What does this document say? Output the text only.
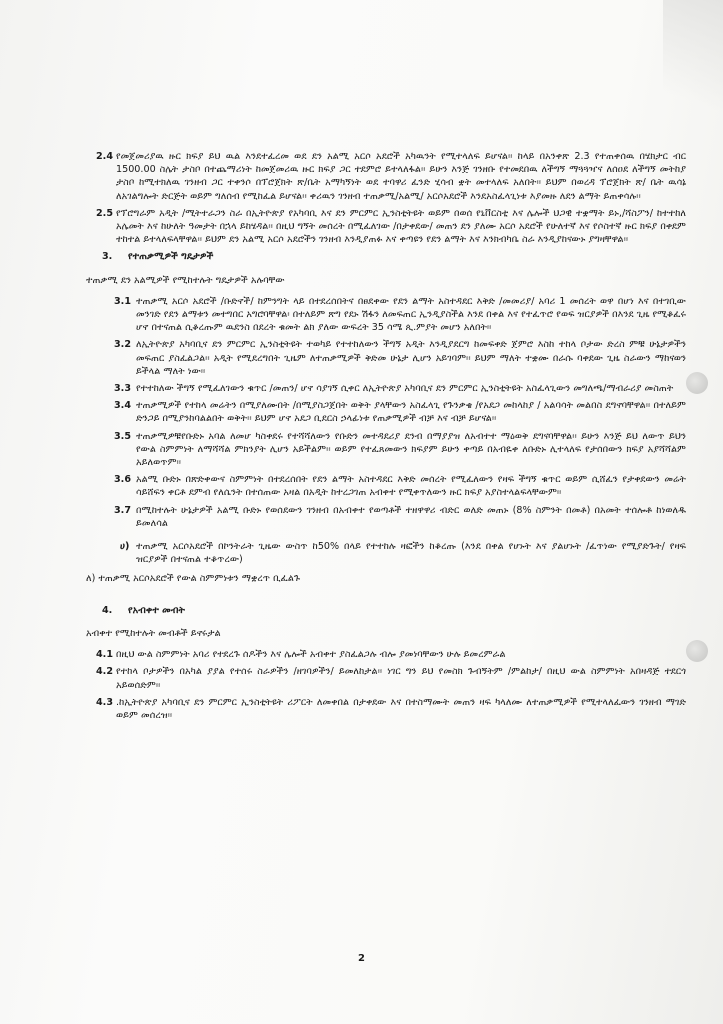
2.4 የመጀመሪያዉ ዙር ክፍያ ይህ ዉል እንደተፈረመ ወደ ደን አልሚ አርሶ አደሮች አካዉንት የሚተላለፍ ይሆናል፡፡ ከላይ በአንቀጽ 2.3 የተጠቀሰዉ በሄክታር ብር 1500.00 ስሌት ታስቦ በተጨማሪነት ከመጀመሪዉ ዙር ክፍያ ጋር ተደምሮ ይተላለፋል፡፡ ይሁን እንጅ ገንዘቡ የተመደበዉ ለችግኝ ማጓጓዣና ለሰዐደ ለችግኝ መትከያ ታስቦ ከሚተክለዉ ገንዘብ ጋር ተቀንሶ በፕሮጀክት ጽ/ቤት አማካኝነት ወደ ተባዋሪ ፈንድ ሂሳብ ቋት መተላለፍ አለበት፡፡ ይህም በወረዳ ፕሮጀክት ጽ/ ቤት ዉሳኔ ለአገልግሎት ድርጅት ወይም ግለሰብ የሚከፈል ይሆናል፡፡ ቀሪዉን ገንዘብ ተጠቃሚ/አልሚ/ አርሶአደሮች እንደአስፈላጊነቱ እያመዙ ለደን ልማት ይጠቀሳሉ፡፡
2.5 የፕሮግራም አዲት /ሚትተራጋን ስራ በኢትዮጵያ የአካባቢ እና ደን ምርምር ኢንስቲትዩት ወይም በወሰ የኒቨርስቲ እና ሌሎች ህጋዊ ተቋማት ይኑ,/ሻስፖን/ ከተተከለ አሌመት እና ከሁለት ዓመታት በኋላ ይከሄዳል፡፡ በዚህ ግኝት መሰረት በሚፈለገው /በታቀደው/ መጠን ደን ያለሙ አርሶ አደሮች የሁለተኛ እና የሶስተኛ ዙር ክፍያ በቀደም ተከተል ይተላለፍላቸዋል፡፡ ይህም ደን አልሚ አርሶ አደሮችን ገንዘብ እንዲያጠፉ እና ቀጣዩን የደን ልማት እና እንክብካቤ ስራ እንዲያከናውኑ ያግዛቸዋል፡፡
3.	የተጠቃሚዎች ግዴታዎች
ተጠቃሚ ደን አልሚዎች የሚከተሉት ግዴታዎች አሉባቸው
3.1 ተጠቃሚ አርሶ አደሮች /ቡድኖች/ ከምንግት ላይ በተደረሰበትና በፀደቀው የደን ልማት አስተዳደር እቅድ /መመሪያ/ አባሪ 1 መሰረት ወዋ በሆነ እና በተገቢው መንገድ የደን ልማቱን መተግበር አግሮባቸዋል፡ በተለይም ጽግ የደኑ ሽፋን ለመፍጠር ኢንዲያስችል እንደ በቀል እና የተፈጥሮ የወፍ ዝርያዎች በእንደ ጊዜ የሚቆፈሩ ሆኖ በተናጠል ሲቆረጡም ዉደንስ በደረት ቁመት ልክ ያለው ውፍረት 35 ሳሜ ጲ.ምያት መሆን አለበት፡፡
3.2 ለኢትዮጵያ አካባቢና ደን ምርምር ኢንስቲትዩት ተወካይ የተተከለውን ችግኝ አዲት እንዲያደርግ ከመፍቀድ ጀምሮ እስከ ተከላ ቦታው ድረስ ምቹ ሁኔታዎችን መፍጠር ያስፈልጋል፡፡ አዲት የሚደረግበት ጊዜም ለተጠቃሚዎች ቅድመ ሁኔታ ሊሆን አይገባም፡፡ ይህም ማለት ተቋሙ በራሱ ባቀደው ጊዜ ስራውን ማከናወን ይችላል ማለት ነው፡፡
3.3 የተተከለው ችግኝ የሚፈለገውን ቁጥር /መጠን/ ሆኖ ሳያገኝ ሲቀር ለኢትዮጵያ አካባቢና ደን ምርምር ኢንስቲትዩት አስፈላጊውን መግለጫ/ማብራሪያ መስጠት
3.4 ተጠቃሚዎች የተከላ መሬትን በሚያለሙበት /በሚያስጋጀበት ወቅት ያላቸውን አስፈላጊ የጉንቃቄ /የአደጋ መከላከያ / አልባሳት መልበስ ደግኖባቸዋል፡፡ በተለይም ድንጋይ በሚያንከባልልበት ወቅት፡፡ ይህም ሆኖ አደጋ ቢደርስ ኃላፊነቱ የጠቃሚዎች ብቻ እና ብቻ ይሆናል፡፡
3.5 ተጠቃሚዎቹየቡድኑ አባል ለመሆ ካስቀደሩ የተሻሻለውን የቡድን መተዳደሪያ ደንብ በማያያዝ ለአብተተ ማዕወቅ ደግናባቸዋል፡፡ ይሁን እንጅ ይህ ለውጥ ይህን የውል ስምምነት ለማሻሻል ምክንያት ሊሆን አይችልም፡፡ ወይም የተፈጸመውን ክፍያም ይሁን ቀጣይ በአብዬቀ ለቡድኑ ሊተላለፍ የታሰበውን ክፍያ አያሻሻልም አይለወጥም፡፡
3.6 አልሚ ቡድኑ በጽድቀውና ስምምነት በተደረሰበት የደን ልማት አስተዳደር እቅድ መሰረት የሚፈለውን የዛፍ ችግኝ ቁጥር ወይም ሲሸፈን የታቀደውን መሬት ሳይሸፍን ቀርቶ ደምብ የለሴንት በተሰጠው አዛል በአዲት ከተረጋገጠ አብቀተ የሚቀጥለውን ዙር ክፍያ አያስተላልፍላቸውም፡፡
3.7 በሚከተሉት ሁኔታዎች አልሚ ቡድኑ የወሰደውን ገንዘብ በአብቀተ የወጣቶች ተዘዋዋሪ ብድር ወለድ መጠኑ (8% ስምንት በመቶ) በአመት ተሰሎቶ ከነወለዱ ይመለሳል
ሀ) ተጠቃሚ አርሶአደሮች በኮንትራት ጊዜው ውስጥ ከ50% በላይ የተተከሉ ዛፎችን ከቆረጡ (እንደ በቀል የሆኑት እና ያልሆኑት /ፈጥነው የሚያድጉት/ የዛፍ ዝርያዎች በተናጠል ተቆጥረው)
ለ) ተጠቃሚ አርሶአደሮች የውል ስምምነቱን ማቋረጥ ቢፈልጉ
4.	የአብቀተ መብት
አብቀተ የሚከተሉት መብቶች ይኖሩታል
4.1 በዚህ ውል ስምምነት አባሪ የተደረጉ ሰዶችን እና ሌሎች አብቀተ ያስፈልጋሉ ብሎ ያመነባቸውን ሁሉ ይመረምራል
4.2 የተከላ ቦታዎችን በአካል ያያል የተሰሩ ስራዎችን /ዘገባዎችን/ ይመለከታል፡፡ ነገር ግን ይህ የመስክ ጉብኝትም /ምልከታ/ በዚህ ውል ስምምነት አበዛዳጅ ተደርጎ አይወሰድም፡፡
4.3 .ከኢትዮጵያ አካባቢና ደን ምርምር ኢንስቲትዩት ሪፖርት ለመቀበል በታቀደው እና በተስማሙት መጠን ዛፍ ካላለሙ ለተጠቃሚዎች የሚተላለፈውን ገንዘብ ማገድ ወይም መሰረዝ፡፡
2
